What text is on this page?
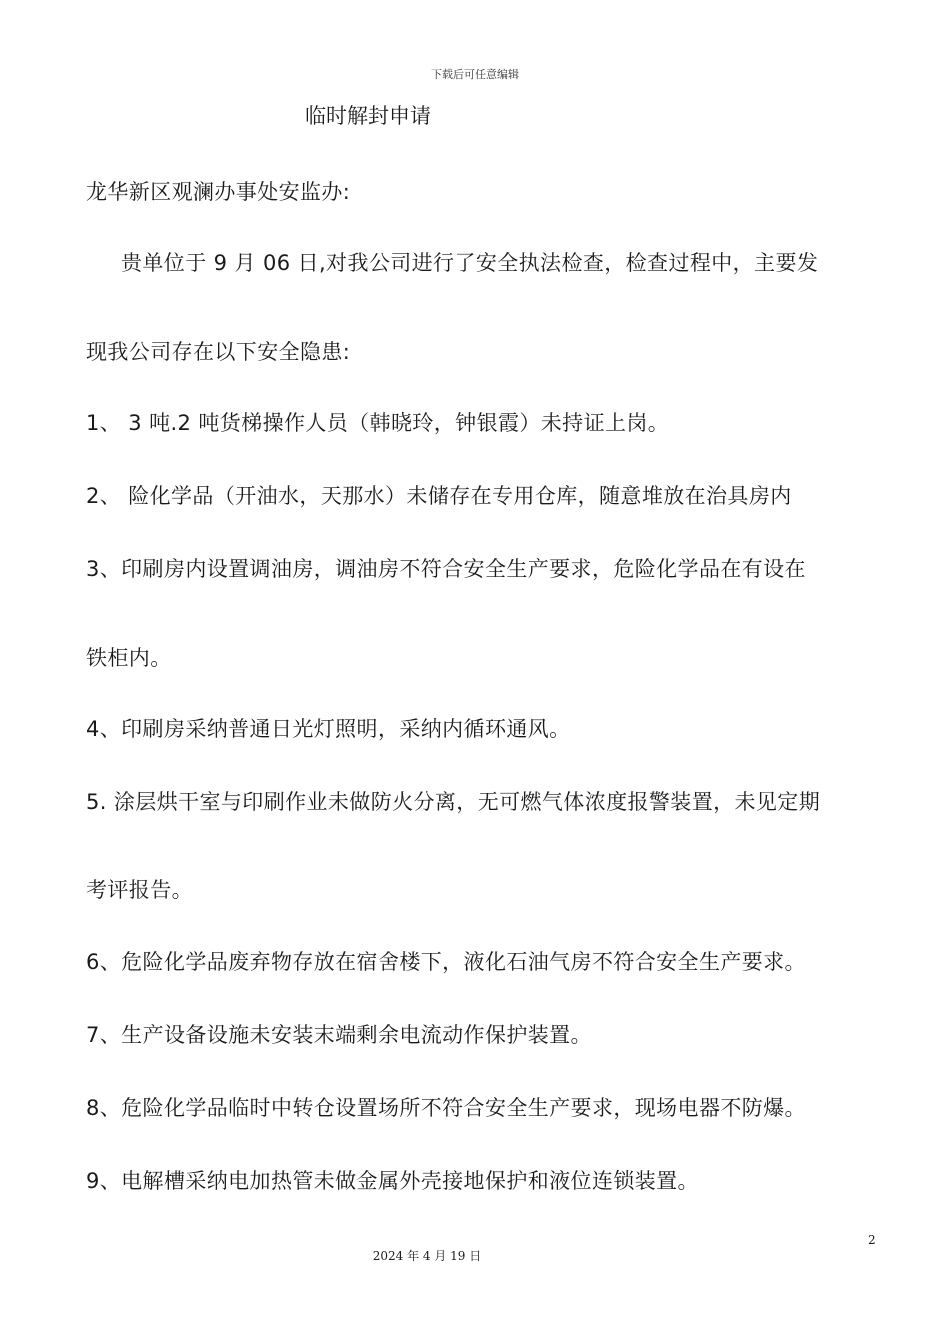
下载后可任意编辑
临时解封申请
龙华新区观澜办事处安监办:
贵单位于 9 月 06 日,对我公司进行了安全执法检查，检查过程中，主要发
现我公司存在以下安全隐患:
1、 3 吨.2 吨货梯操作人员（韩晓玲，钟银霞）未持证上岗。
2、 险化学品（开油水，天那水）未储存在专用仓库，随意堆放在治具房内
3、印刷房内设置调油房，调油房不符合安全生产要求，危险化学品在有设在
铁柜内。
4、印刷房采纳普通日光灯照明，采纳内循环通风。
5. 涂层烘干室与印刷作业未做防火分离，无可燃气体浓度报警装置，未见定期
考评报告。
6、危险化学品废弃物存放在宿舍楼下，液化石油气房不符合安全生产要求。
7、生产设备设施未安装末端剩余电流动作保护装置。
8、危险化学品临时中转仓设置场所不符合安全生产要求，现场电器不防爆。
9、电解槽采纳电加热管未做金属外壳接地保护和液位连锁装置。
2
2024 年 4 月 19 日
